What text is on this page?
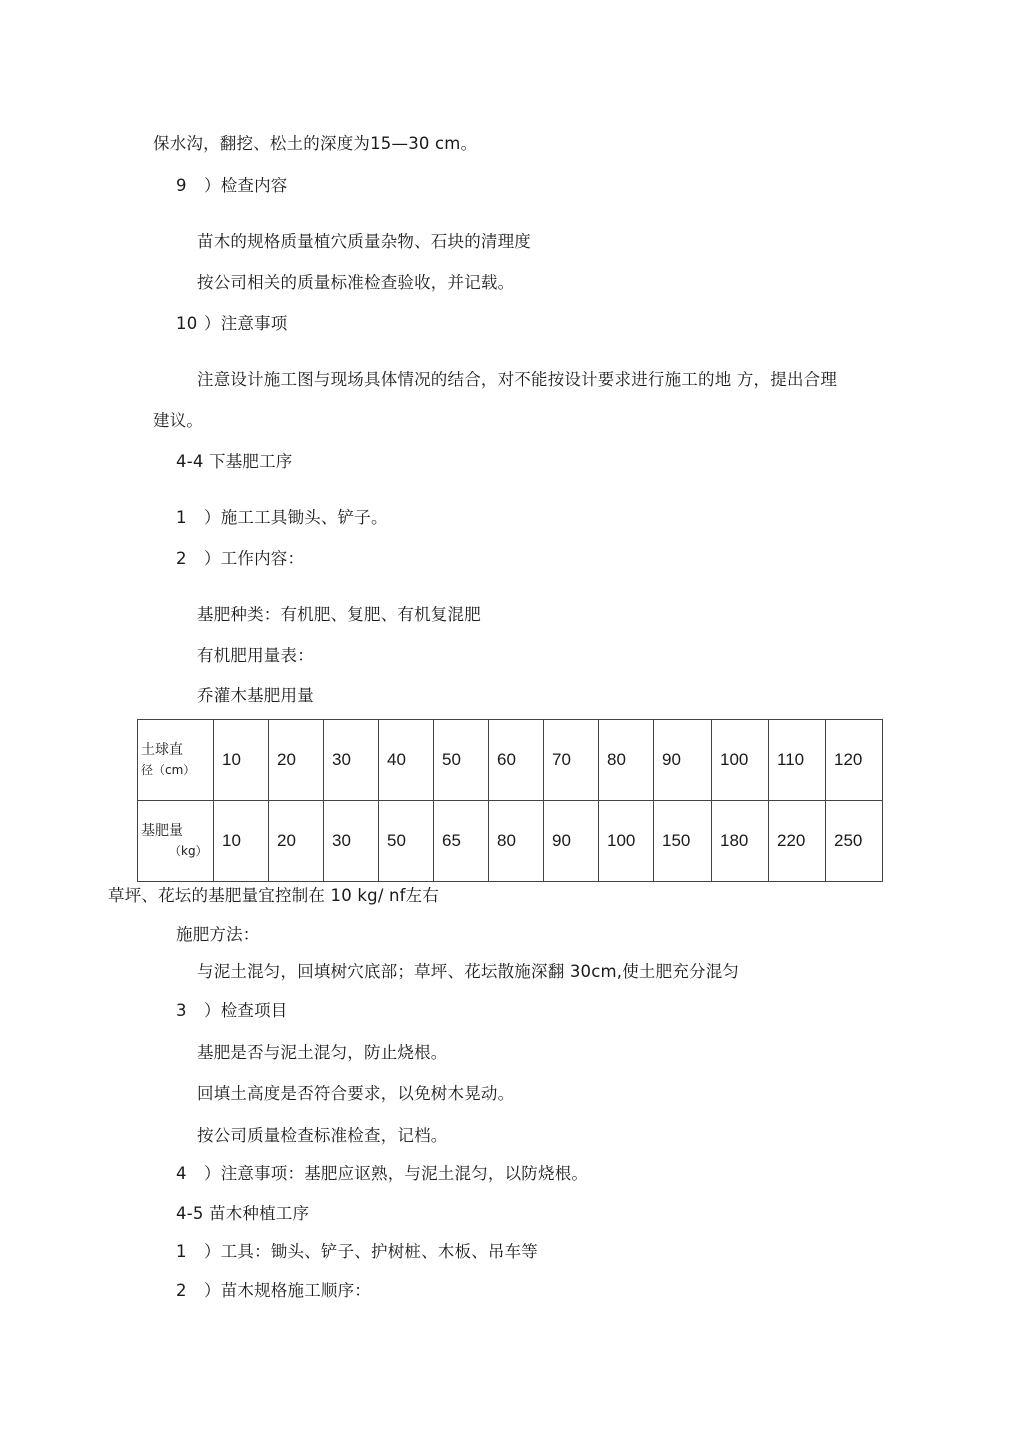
保水沟，翻挖、松土的深度为15—30 cm。
9 ）检查内容
苗木的规格质量植穴质量杂物、石块的清理度
按公司相关的质量标准检查验收，并记载。
10 ）注意事项
注意设计施工图与现场具体情况的结合，对不能按设计要求进行施工的地 方，提出合理
建议。
4-4 下基肥工序
1 ）施工工具锄头、铲子。
2 ）工作内容：
基肥种类：有机肥、复肥、有机复混肥
有机肥用量表：
乔灌木基肥用量
土球直
径（cm）	10	20	30	40	50	60	70	80	90	100	110	120
基肥量
（kg）	10	20	30	50	65	80	90	100	150	180	220	250
草坪、花坛的基肥量宜控制在 10 kg/ nf左右
施肥方法：
与泥土混匀，回填树穴底部；草坪、花坛散施深翻 30cm,使土肥充分混匀
3 ）检查项目
基肥是否与泥土混匀，防止烧根。
回填土高度是否符合要求，以免树木晃动。
按公司质量检查标准检查，记档。
4 ）注意事项：基肥应讴熟，与泥土混匀，以防烧根。
4-5 苗木种植工序
1 ）工具：锄头、铲子、护树桩、木板、吊车等
2 ）苗木规格施工顺序：
